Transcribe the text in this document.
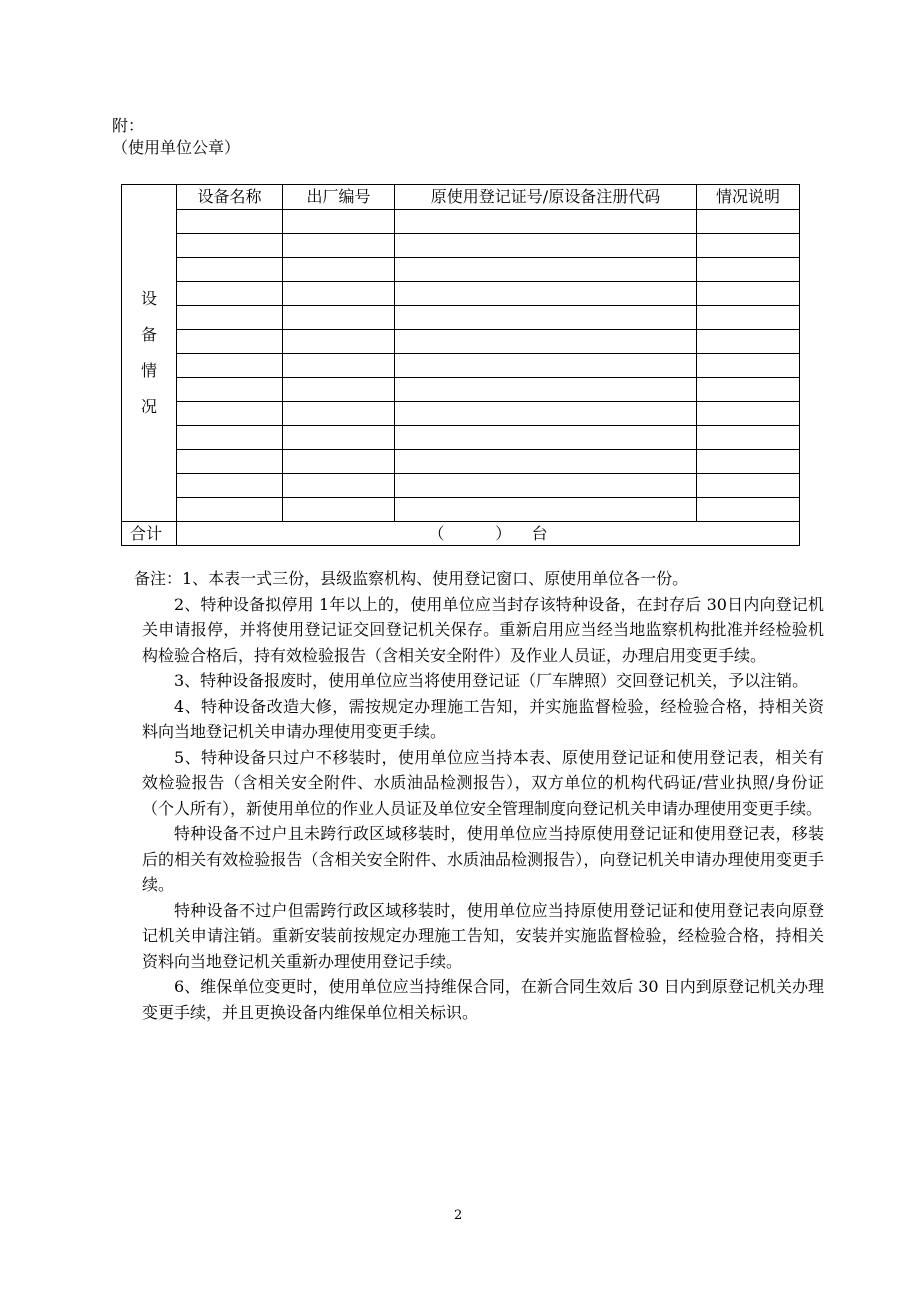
附：
（使用单位公章）
设
备
情
况	设备名称	出厂编号	原使用登记证号/原设备注册代码	情况说明

合计	（          ）    台			

备注：1、本表一式三份，县级监察机构、使用登记窗口、原使用单位各一份。

2、特种设备拟停用 1年以上的，使用单位应当封存该特种设备，在封存后 30日内向登记机关申请报停，并将使用登记证交回登记机关保存。重新启用应当经当地监察机构批准并经检验机构检验合格后，持有效检验报告（含相关安全附件）及作业人员证，办理启用变更手续。

3、特种设备报废时，使用单位应当将使用登记证（厂车牌照）交回登记机关，予以注销。

4、特种设备改造大修，需按规定办理施工告知，并实施监督检验，经检验合格，持相关资料向当地登记机关申请办理使用变更手续。

5、特种设备只过户不移装时，使用单位应当持本表、原使用登记证和使用登记表，相关有效检验报告（含相关安全附件、水质油品检测报告），双方单位的机构代码证/营业执照/身份证（个人所有），新使用单位的作业人员证及单位安全管理制度向登记机关申请办理使用变更手续。

特种设备不过户且未跨行政区域移装时，使用单位应当持原使用登记证和使用登记表，移装后的相关有效检验报告（含相关安全附件、水质油品检测报告），向登记机关申请办理使用变更手续。

特种设备不过户但需跨行政区域移装时，使用单位应当持原使用登记证和使用登记表向原登记机关申请注销。重新安装前按规定办理施工告知，安装并实施监督检验，经检验合格，持相关资料向当地登记机关重新办理使用登记手续。

6、维保单位变更时，使用单位应当持维保合同，在新合同生效后 30 日内到原登记机关办理变更手续，并且更换设备内维保单位相关标识。

2
